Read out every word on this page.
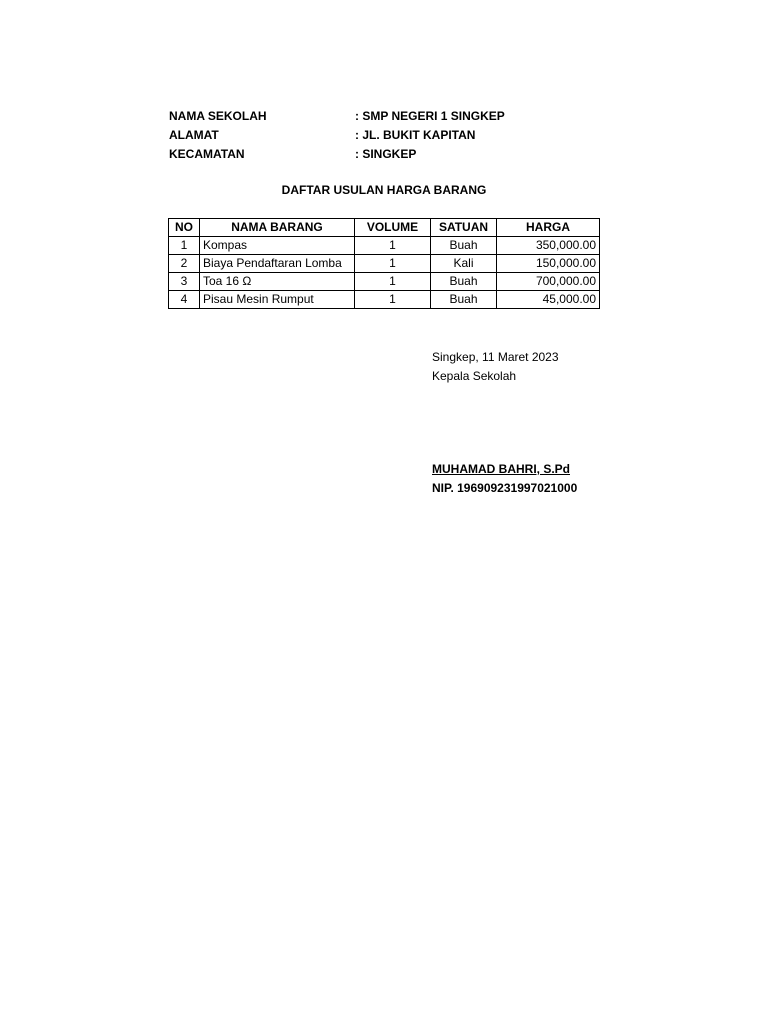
NAMA SEKOLAH	: SMP NEGERI 1 SINGKEP
ALAMAT	: JL. BUKIT KAPITAN
KECAMATAN	: SINGKEP
DAFTAR USULAN HARGA BARANG
NO	NAMA BARANG	VOLUME	SATUAN	HARGA
1	Kompas	1	Buah	350,000.00
2	Biaya Pendaftaran Lomba	1	Kali	150,000.00
3	Toa 16 Ω	1	Buah	700,000.00
4	Pisau Mesin Rumput	1	Buah	45,000.00
Singkep, 11 Maret 2023
Kepala Sekolah
MUHAMAD BAHRI, S.Pd
NIP. 196909231997021000
